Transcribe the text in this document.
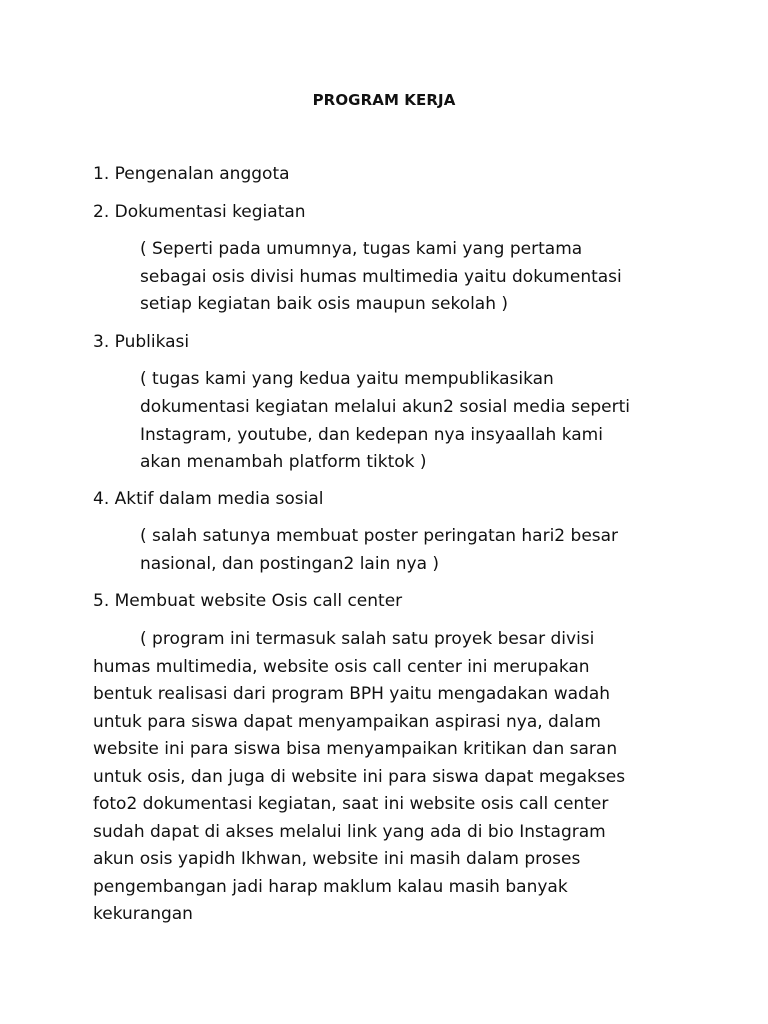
PROGRAM KERJA
1. Pengenalan anggota
2. Dokumentasi kegiatan
( Seperti pada umumnya, tugas kami yang pertama
sebagai osis divisi humas multimedia yaitu dokumentasi
setiap kegiatan baik osis maupun sekolah )
3. Publikasi
( tugas kami yang kedua yaitu mempublikasikan
dokumentasi kegiatan melalui akun2 sosial media seperti
Instagram, youtube, dan kedepan nya insyaallah kami
akan menambah platform tiktok )
4. Aktif dalam media sosial
( salah satunya membuat poster peringatan hari2 besar
nasional, dan postingan2 lain nya )
5. Membuat website Osis call center
( program ini termasuk salah satu proyek besar divisi
humas multimedia, website osis call center ini merupakan
bentuk realisasi dari program BPH yaitu mengadakan wadah
untuk para siswa dapat menyampaikan aspirasi nya, dalam
website ini para siswa bisa menyampaikan kritikan dan saran
untuk osis, dan juga di website ini para siswa dapat megakses
foto2 dokumentasi kegiatan, saat ini website osis call center
sudah dapat di akses melalui link yang ada di bio Instagram
akun osis yapidh Ikhwan, website ini masih dalam proses
pengembangan jadi harap maklum kalau masih banyak
kekurangan
